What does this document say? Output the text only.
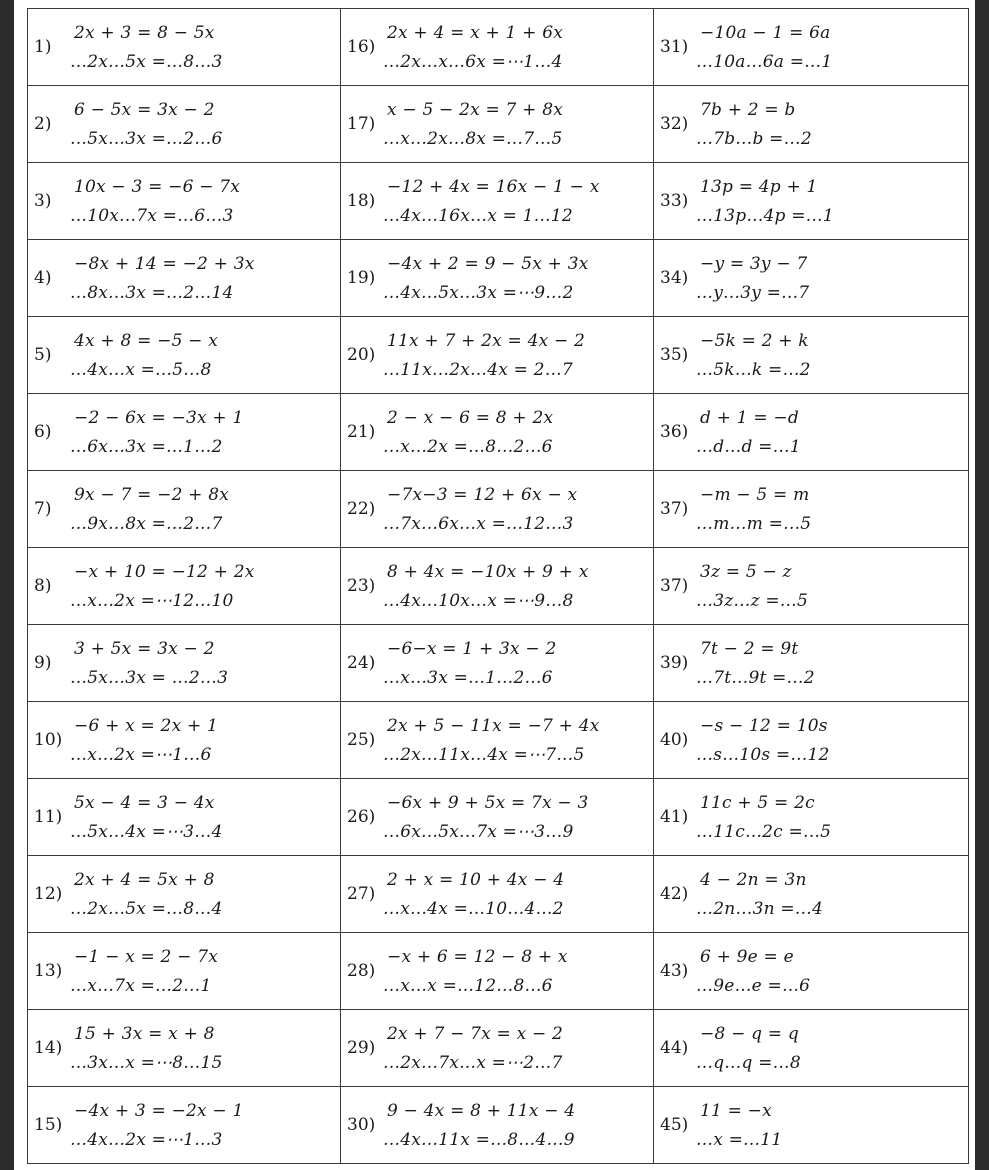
1)
2x + 3 = 8 − 5x
…2x…5x =…8…3	16)
2x + 4 = x + 1 + 6x
…2x…x…6x =⋯1…4	31)
−10a − 1 = 6a
…10a…6a =…1

2)
6 − 5x = 3x − 2
…5x…3x =…2…6	17)
x − 5 − 2x = 7 + 8x
…x…2x…8x =…7…5	32)
7b + 2 = b
…7b…b =…2

3)
10x − 3 = −6 − 7x
…10x…7x =…6…3	18)
−12 + 4x = 16x − 1 − x
…4x…16x…x = 1…12	33)
13p = 4p + 1
…13p…4p =…1

4)
−8x + 14 = −2 + 3x
…8x…3x =…2…14	19)
−4x + 2 = 9 − 5x + 3x
…4x…5x…3x =⋯9…2	34)
−y = 3y − 7
…y…3y =…7

5)
4x + 8 = −5 − x
…4x…x =…5…8	20)
11x + 7 + 2x = 4x − 2
…11x…2x…4x = 2…7	35)
−5k = 2 + k
…5k…k =…2

6)
−2 − 6x = −3x + 1
…6x…3x =…1…2	21)
2 − x − 6 = 8 + 2x
…x…2x =…8…2…6	36)
d + 1 = −d
…d…d =…1

7)
9x − 7 = −2 + 8x
…9x…8x =…2…7	22)
−7x−3 = 12 + 6x − x
…7x…6x…x =…12…3	37)
−m − 5 = m
…m…m =…5

8)
−x + 10 = −12 + 2x
…x…2x =⋯12…10	23)
8 + 4x = −10x + 9 + x
…4x…10x…x =⋯9…8	37)
3z = 5 − z
…3z…z =…5

9)
3 + 5x = 3x − 2
…5x…3x = …2…3	24)
−6−x = 1 + 3x − 2
…x…3x =…1…2…6	39)
7t − 2 = 9t
…7t…9t =…2

10)
−6 + x = 2x + 1
…x…2x =⋯1…6	25)
2x + 5 − 11x = −7 + 4x
…2x…11x…4x =⋯7…5	40)
−s − 12 = 10s
…s…10s =…12

11)
5x − 4 = 3 − 4x
…5x…4x =⋯3…4	26)
−6x + 9 + 5x = 7x − 3
…6x…5x…7x =⋯3…9	41)
11c + 5 = 2c
…11c…2c =…5

12)
2x + 4 = 5x + 8
…2x…5x =…8…4	27)
2 + x = 10 + 4x − 4
…x…4x =…10…4…2	42)
4 − 2n = 3n
…2n…3n =…4

13)
−1 − x = 2 − 7x
…x…7x =…2…1	28)
−x + 6 = 12 − 8 + x
…x…x =…12…8…6	43)
6 + 9e = e
…9e…e =…6

14)
15 + 3x = x + 8
…3x…x =⋯8…15	29)
2x + 7 − 7x = x − 2
…2x…7x…x =⋯2…7	44)
−8 − q = q
…q…q =…8

15)
−4x + 3 = −2x − 1
…4x…2x =⋯1…3	30)
9 − 4x = 8 + 11x − 4
…4x…11x =…8…4…9	45)
11 = −x
…x =…11
